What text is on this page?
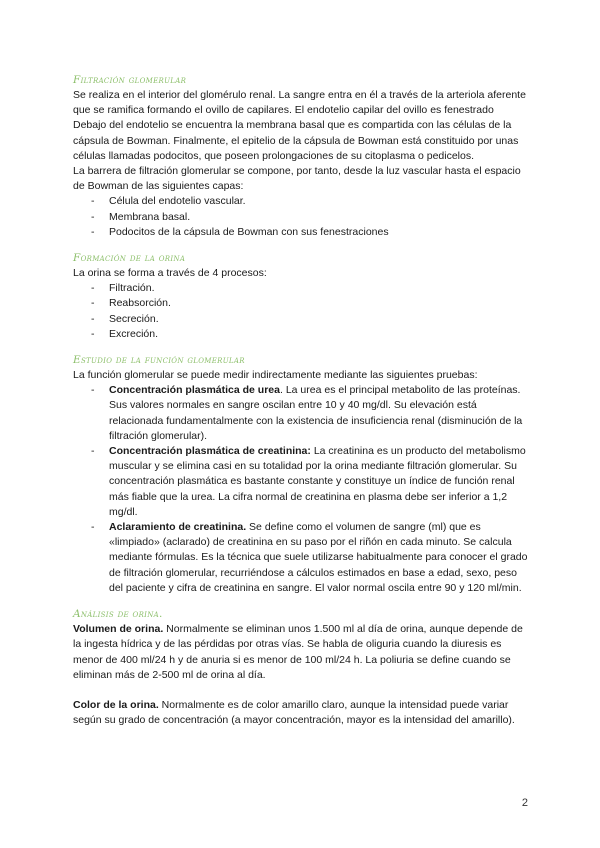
Filtración glomerular

Se realiza en el interior del glomérulo renal. La sangre entra en él a través de la arteriola aferente que se ramifica formando el ovillo de capilares. El endotelio capilar del ovillo es fenestrado

Debajo del endotelio se encuentra la membrana basal que es compartida con las células de la cápsula de Bowman. Finalmente, el epitelio de la cápsula de Bowman está constituido por unas células llamadas podocitos, que poseen prolongaciones de su citoplasma o pedicelos.

La barrera de filtración glomerular se compone, por tanto, desde la luz vascular hasta el espacio de Bowman de las siguientes capas:

- Célula del endotelio vascular.
- Membrana basal.
- Podocitos de la cápsula de Bowman con sus fenestraciones
Formación de la orina

La orina se forma a través de 4 procesos:

- Filtración.
- Reabsorción.
- Secreción.
- Excreción.
Estudio de la función glomerular

La función glomerular se puede medir indirectamente mediante las siguientes pruebas:

- Concentración plasmática de urea. La urea es el principal metabolito de las proteínas. Sus valores normales en sangre oscilan entre 10 y 40 mg/dl. Su elevación está relacionada fundamentalmente con la existencia de insuficiencia renal (disminución de la filtración glomerular).
- Concentración plasmática de creatinina: La creatinina es un producto del metabolismo muscular y se elimina casi en su totalidad por la orina mediante filtración glomerular. Su concentración plasmática es bastante constante y constituye un índice de función renal más fiable que la urea. La cifra normal de creatinina en plasma debe ser inferior a 1,2 mg/dl.
- Aclaramiento de creatinina. Se define como el volumen de sangre (ml) que es «limpiado» (aclarado) de creatinina en su paso por el riñón en cada minuto. Se calcula mediante fórmulas. Es la técnica que suele utilizarse habitualmente para conocer el grado de filtración glomerular, recurriéndose a cálculos estimados en base a edad, sexo, peso del paciente y cifra de creatinina en sangre. El valor normal oscila entre 90 y 120 ml/min.
Análisis de orina.

Volumen de orina. Normalmente se eliminan unos 1.500 ml al día de orina, aunque depende de la ingesta hídrica y de las pérdidas por otras vías. Se habla de oliguria cuando la diuresis es menor de 400 ml/24 h y de anuria si es menor de 100 ml/24 h. La poliuria se define cuando se eliminan más de 2-500 ml de orina al día.

Color de la orina. Normalmente es de color amarillo claro, aunque la intensidad puede variar según su grado de concentración (a mayor concentración, mayor es la intensidad del amarillo).

2
